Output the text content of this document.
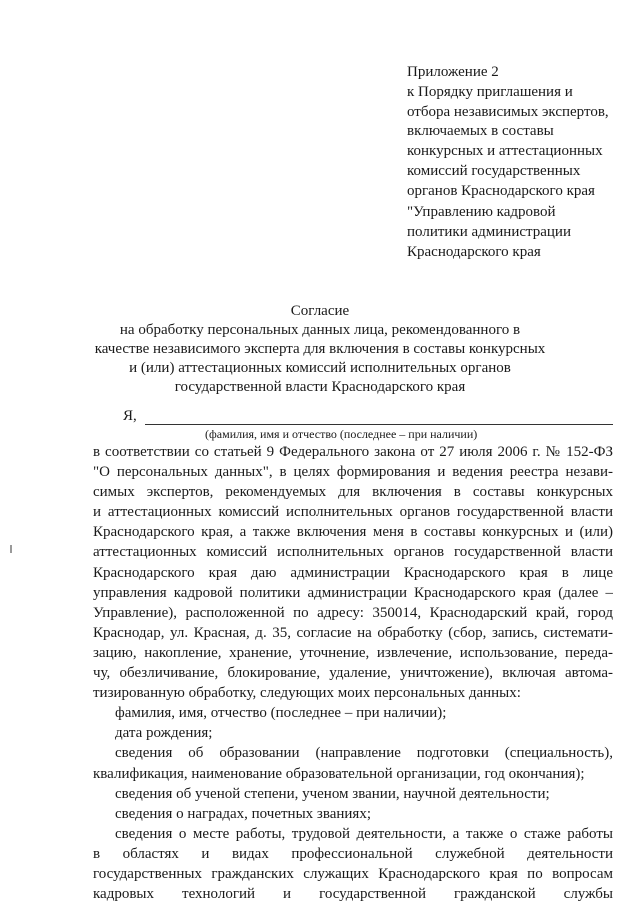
Приложение 2
к Порядку приглашения и
отбора независимых экспертов,
включаемых в составы
конкурсных и аттестационных
комиссий государственных
органов Краснодарского края
"Управлению кадровой
политики администрации
Краснодарского края
Согласие
на обработку персональных данных лица, рекомендованного в
качестве независимого эксперта для включения в составы конкурсных
и (или) аттестационных комиссий исполнительных органов
государственной власти Краснодарского края
Я,
(фамилия, имя и отчество (последнее – при наличии)
в соответствии со статьей 9 Федерального закона от 27 июля 2006 г. № 152-ФЗ
"О персональных данных", в целях формирования и ведения реестра незави-
симых экспертов, рекомендуемых для включения в составы конкурсных
и аттестационных комиссий исполнительных органов государственной власти
Краснодарского края, а также включения меня в составы конкурсных и (или)
аттестационных комиссий исполнительных органов государственной власти
Краснодарского края даю администрации Краснодарского края в лице
управления кадровой политики администрации Краснодарского края (далее –
Управление), расположенной по адресу: 350014, Краснодарский край, город
Краснодар, ул. Красная, д. 35, согласие на обработку (сбор, запись, системати-
зацию, накопление, хранение, уточнение, извлечение, использование, переда-
чу, обезличивание, блокирование, удаление, уничтожение), включая автома-
тизированную обработку, следующих моих персональных данных:
фамилия, имя, отчество (последнее – при наличии);
дата рождения;
сведения об образовании (направление подготовки (специальность),
квалификация, наименование образовательной организации, год окончания);
сведения об ученой степени, ученом звании, научной деятельности;
сведения о наградах, почетных званиях;
сведения о месте работы, трудовой деятельности, а также о стаже работы
в областях и видах профессиональной служебной деятельности
государственных гражданских служащих Краснодарского края по вопросам
кадровых технологий и государственной гражданской службы
